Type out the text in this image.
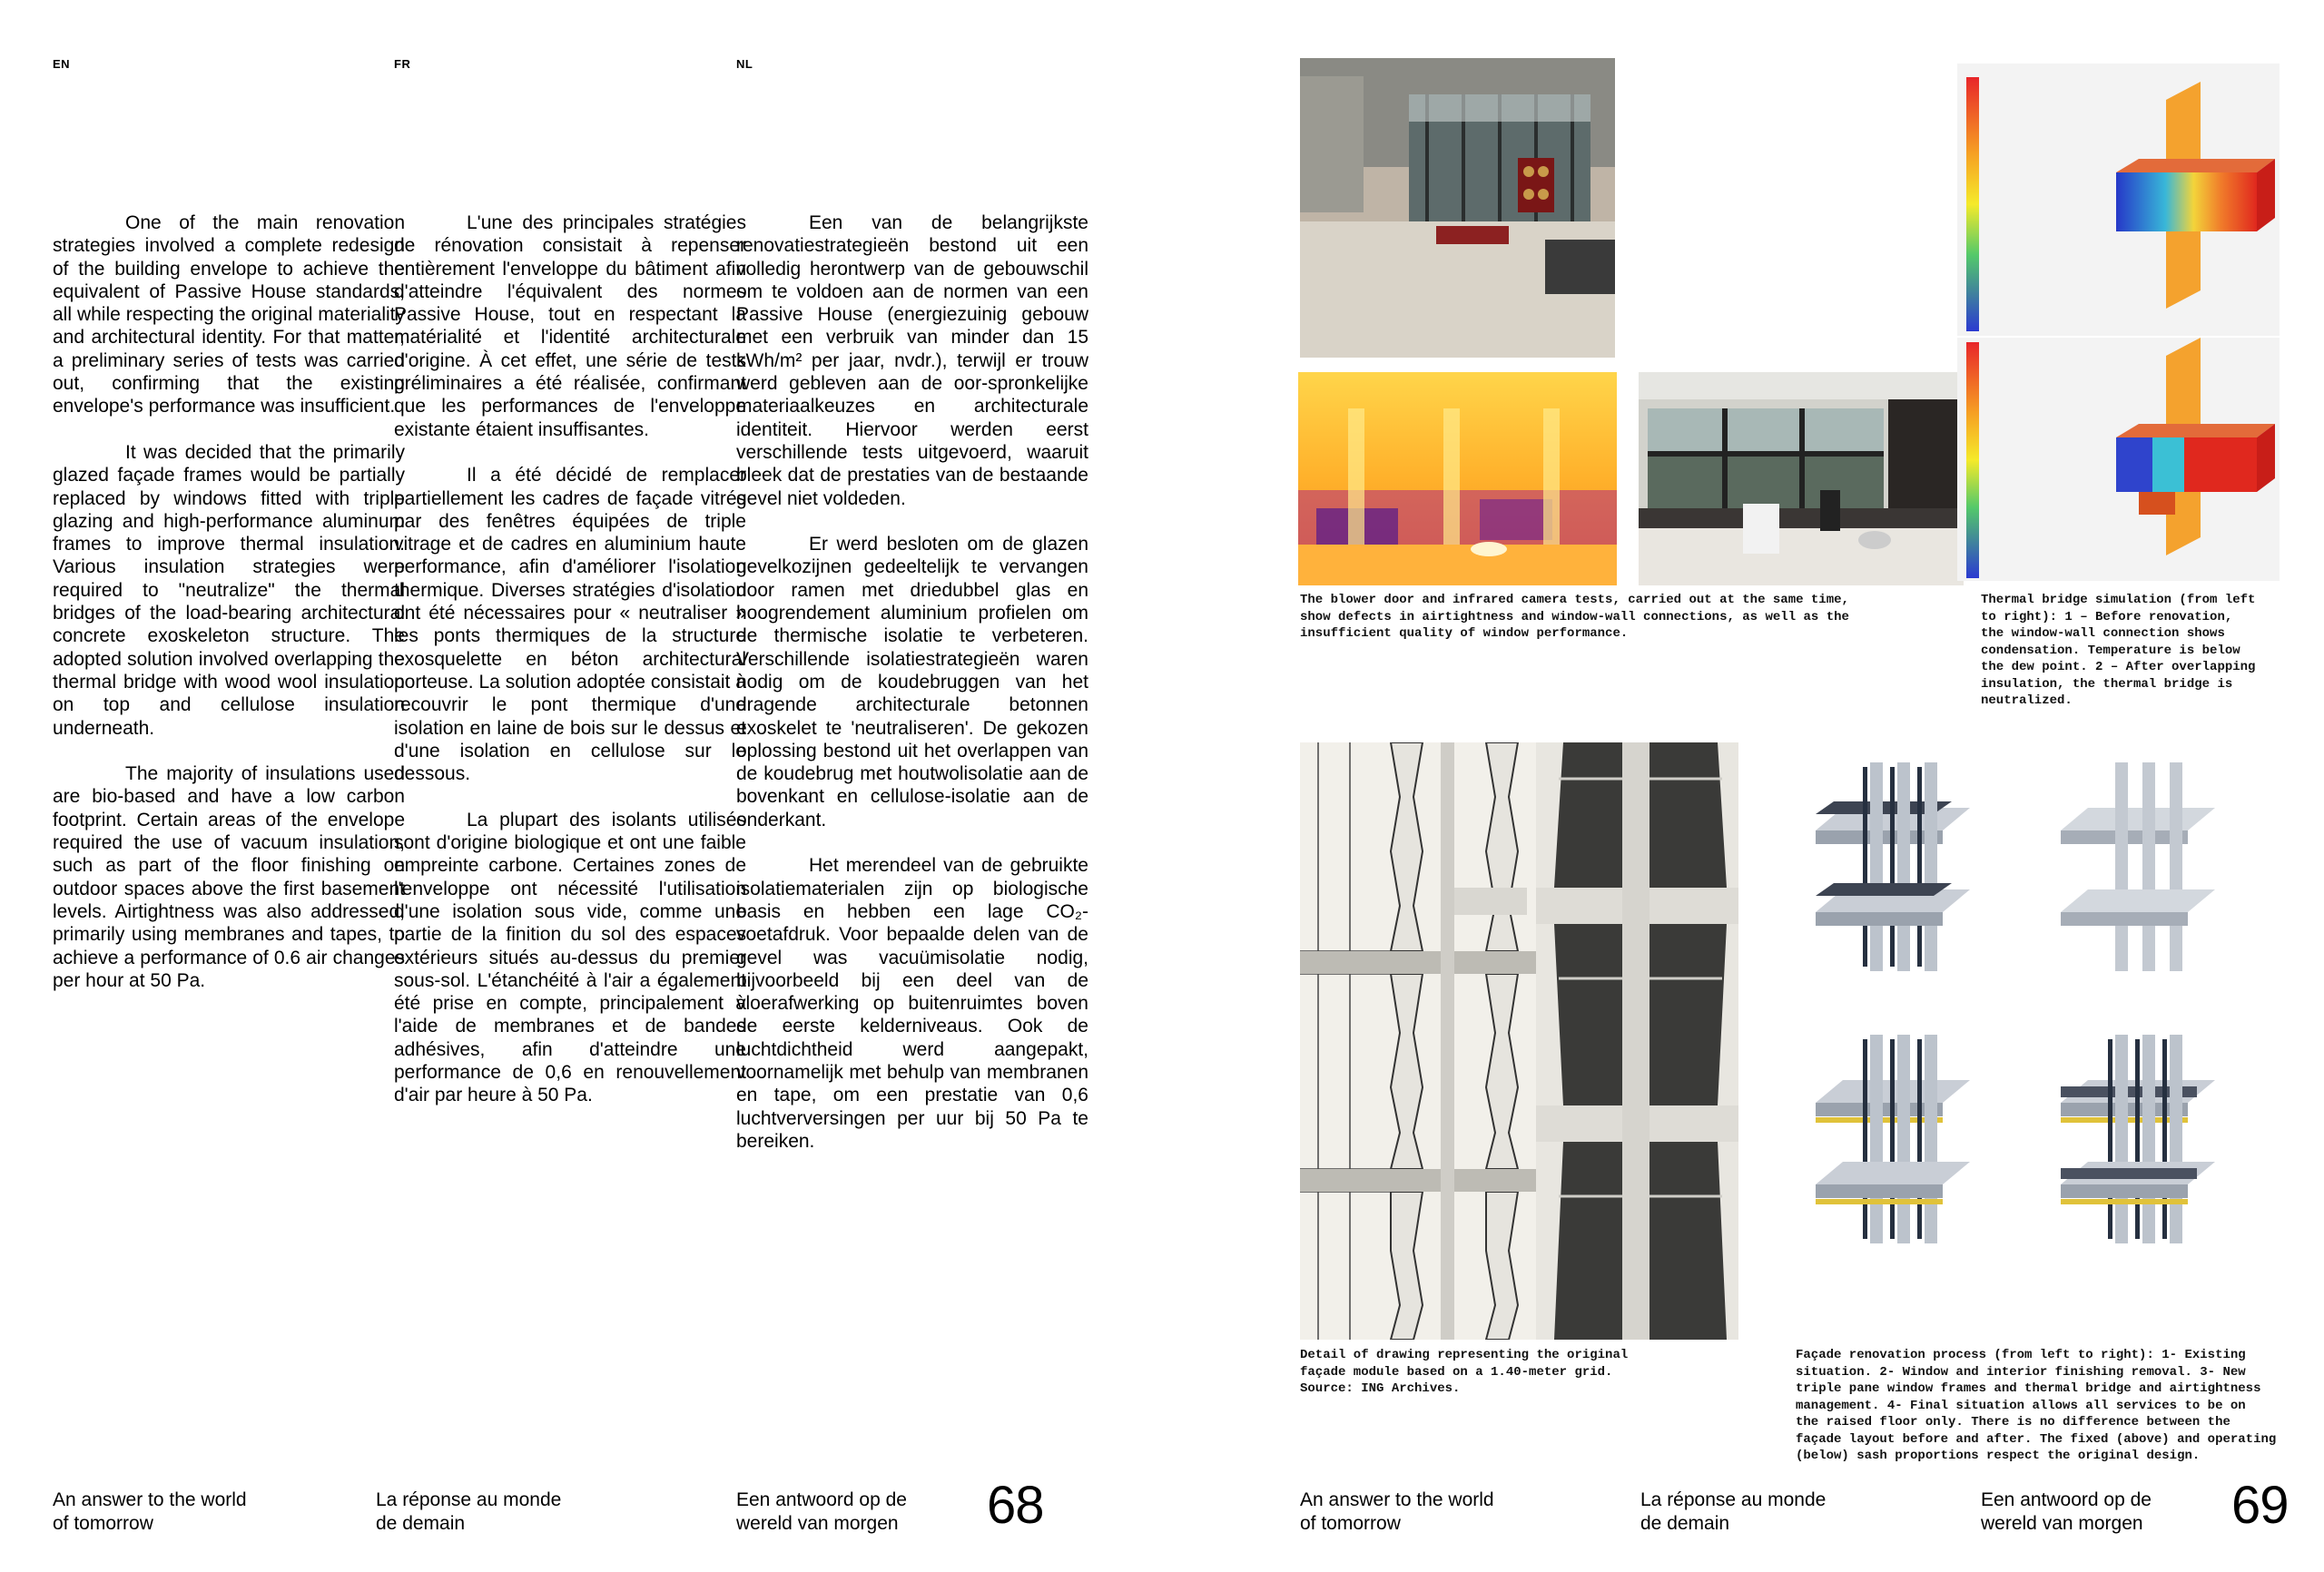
EN	FR	NL

One of the main renovation strategies involved a complete redesign of the building envelope to achieve the equivalent of Passive House standards, all while respecting the original materiality and architectural identity. For that matter, a preliminary series of tests was carried out, confirming that the existing envelope's performance was insufficient.

It was decided that the primarily glazed façade frames would be partially replaced by windows fitted with triple glazing and high-performance aluminum frames to improve thermal insulation. Various insulation strategies were required to "neutralize" the thermal bridges of the load-bearing architectural concrete exoskeleton structure. The adopted solution involved overlapping the thermal bridge with wood wool insulation on top and cellulose insulation underneath.

The majority of insulations used are bio-based and have a low carbon footprint. Certain areas of the envelope required the use of vacuum insulation, such as part of the floor finishing on outdoor spaces above the first basement levels. Airtightness was also addressed, primarily using membranes and tapes, to achieve a performance of 0.6 air changes per hour at 50 Pa.

L'une des principales stratégies de rénovation consistait à repenser entièrement l'enveloppe du bâtiment afin d'atteindre l'équivalent des normes Passive House, tout en respectant la matérialité et l'identité architecturale d'origine. À cet effet, une série de tests préliminaires a été réalisée, confirmant que les performances de l'enveloppe existante étaient insuffisantes.

Il a été décidé de remplacer partiellement les cadres de façade vitrés par des fenêtres équipées de triple vitrage et de cadres en aluminium haute performance, afin d'améliorer l'isolation thermique. Diverses stratégies d'isolation ont été nécessaires pour « neutraliser » les ponts thermiques de la structure exosquelette en béton architectural porteuse. La solution adoptée consistait à recouvrir le pont thermique d'une isolation en laine de bois sur le dessus et d'une isolation en cellulose sur le dessous.

La plupart des isolants utilisés sont d'origine biologique et ont une faible empreinte carbone. Certaines zones de l'enveloppe ont nécessité l'utilisation d'une isolation sous vide, comme une partie de la finition du sol des espaces extérieurs situés au-dessus du premier sous-sol. L'étanchéité à l'air a également été prise en compte, principalement à l'aide de membranes et de bandes adhésives, afin d'atteindre une performance de 0,6 en renouvellement d'air par heure à 50 Pa.

Een van de belangrijkste renovatiestrategieën bestond uit een volledig herontwerp van de gebouwschil om te voldoen aan de normen van een Passive House (energiezuinig gebouw met een verbruik van minder dan 15 kWh/m² per jaar, nvdr.), terwijl er trouw werd gebleven aan de oor-spronkelijke materiaalkeuzes en architecturale identiteit. Hiervoor werden eerst verschillende tests uitgevoerd, waaruit bleek dat de prestaties van de bestaande gevel niet voldeden.

Er werd besloten om de glazen gevelkozijnen gedeeltelijk te vervangen door ramen met driedubbel glas en hoogrendement aluminium profielen om de thermische isolatie te verbeteren. Verschillende isolatiestrategieën waren nodig om de koudebruggen van het dragende architecturale betonnen exoskelet te 'neutraliseren'. De gekozen oplossing bestond uit het overlappen van de koudebrug met houtwolisolatie aan de bovenkant en cellulose-isolatie aan de onderkant.

Het merendeel van de gebruikte isolatiematerialen zijn op biologische basis en hebben een lage CO₂-voetafdruk. Voor bepaalde delen van de gevel was vacuümisolatie nodig, bijvoorbeeld bij een deel van de vloerafwerking op buitenruimtes boven de eerste kelderniveaus. Ook de luchtdichtheid werd aangepakt, voornamelijk met behulp van membranen en tape, om een prestatie van 0,6 luchtverversingen per uur bij 50 Pa te bereiken.

An answer to the world
of tomorrow
La réponse au monde
de demain
Een antwoord op de
wereld van morgen 68
The blower door and infrared camera tests, carried out at the same time,
show defects in airtightness and window-wall connections, as well as the
insufficient quality of window performance.
Thermal bridge simulation (from left
to right): 1 – Before renovation,
the window-wall connection shows
condensation. Temperature is below
the dew point. 2 – After overlapping
insulation, the thermal bridge is
neutralized.
Detail of drawing representing the original
façade module based on a 1.40-meter grid.
Source: ING Archives.
Façade renovation process (from left to right): 1- Existing
situation. 2- Window and interior finishing removal. 3- New
triple pane window frames and thermal bridge and airtightness
management. 4- Final situation allows all services to be on
the raised floor only. There is no difference between the
façade layout before and after. The fixed (above) and operating
(below) sash proportions respect the original design.
An answer to the world
of tomorrow
La réponse au monde
de demain
Een antwoord op de
wereld van morgen 69
